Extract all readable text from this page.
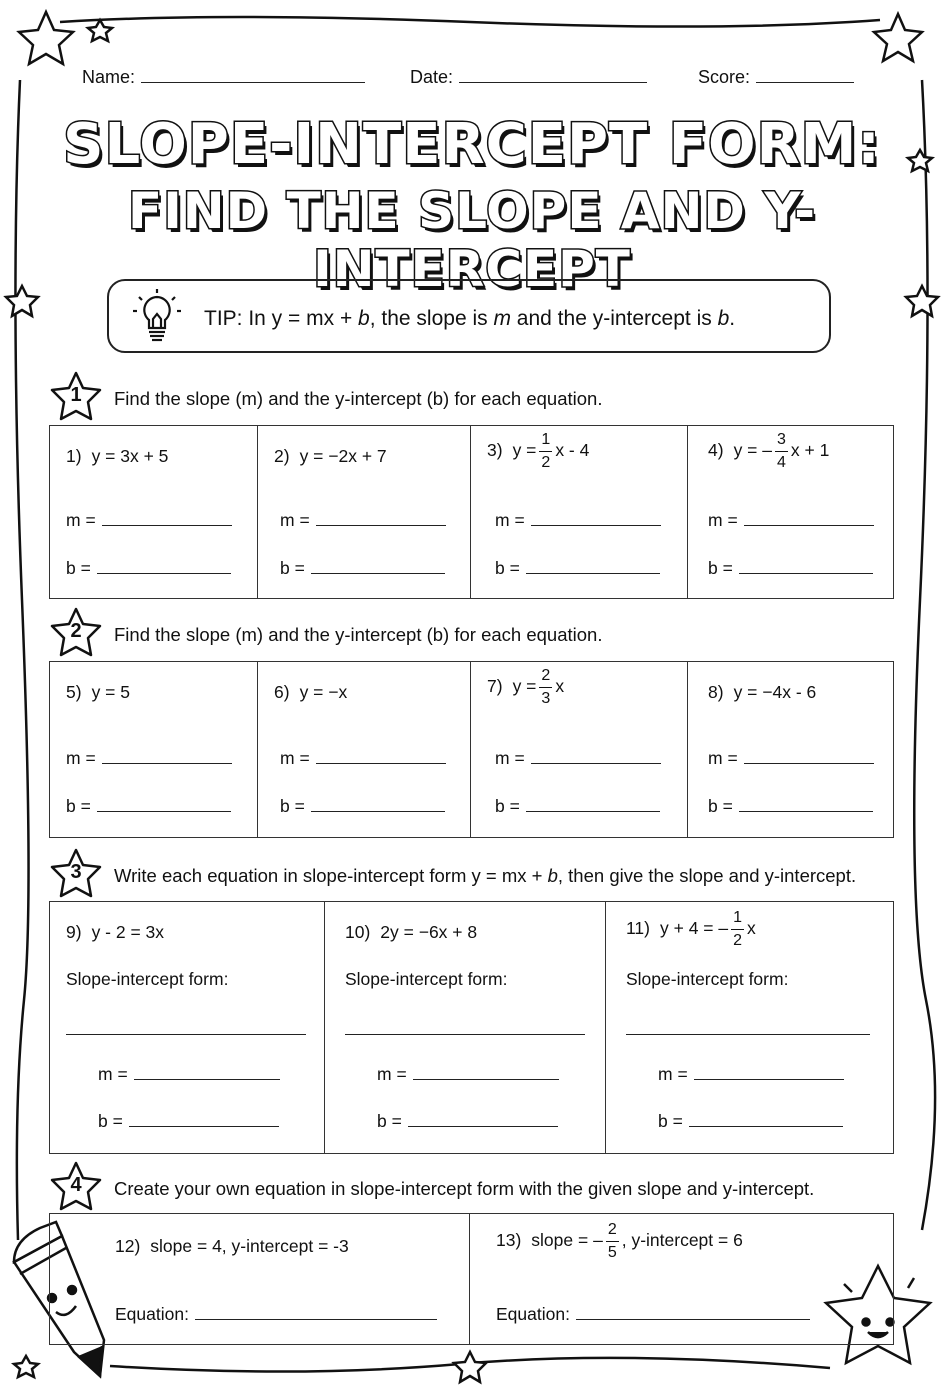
Name:	Date:	Score:
SLOPE-INTERCEPT FORM:
FIND THE SLOPE AND Y-INTERCEPT
TIP: In y = mx + b, the slope is m and the y-intercept is b.
1	Find the slope (m) and the y-intercept (b) for each equation.
1) y = 3x + 5
m =
b =
2) y = −2x + 7
m =
b =
3) $y = \frac{1}{2}$ x - 4
m =
b =
4) y = – $\frac{3}{4}$ x + 1
m =
b =
2	Find the slope (m) and the y-intercept (b) for each equation.
5) y = 5
m =
b =
6) y = −x
m =
b =
7) $y = \frac{2}{3}$ x
m =
b =
8) y = −4x - 6
m =
b =
3	Write each equation in slope-intercept form y = mx + b, then give the slope and y-intercept.
9) y - 2 = 3x
Slope-intercept form:
m =
b =
10) 2y = −6x + 8
Slope-intercept form:
m =
b =
11) y + 4 = – $\frac{1}{2}$ x
Slope-intercept form:
m =
b =
4	Create your own equation in slope-intercept form with the given slope and y-intercept.
12) slope = 4, y-intercept = -3
Equation:
13) slope = – $\frac{2}{5}$ , y-intercept = 6
Equation:
